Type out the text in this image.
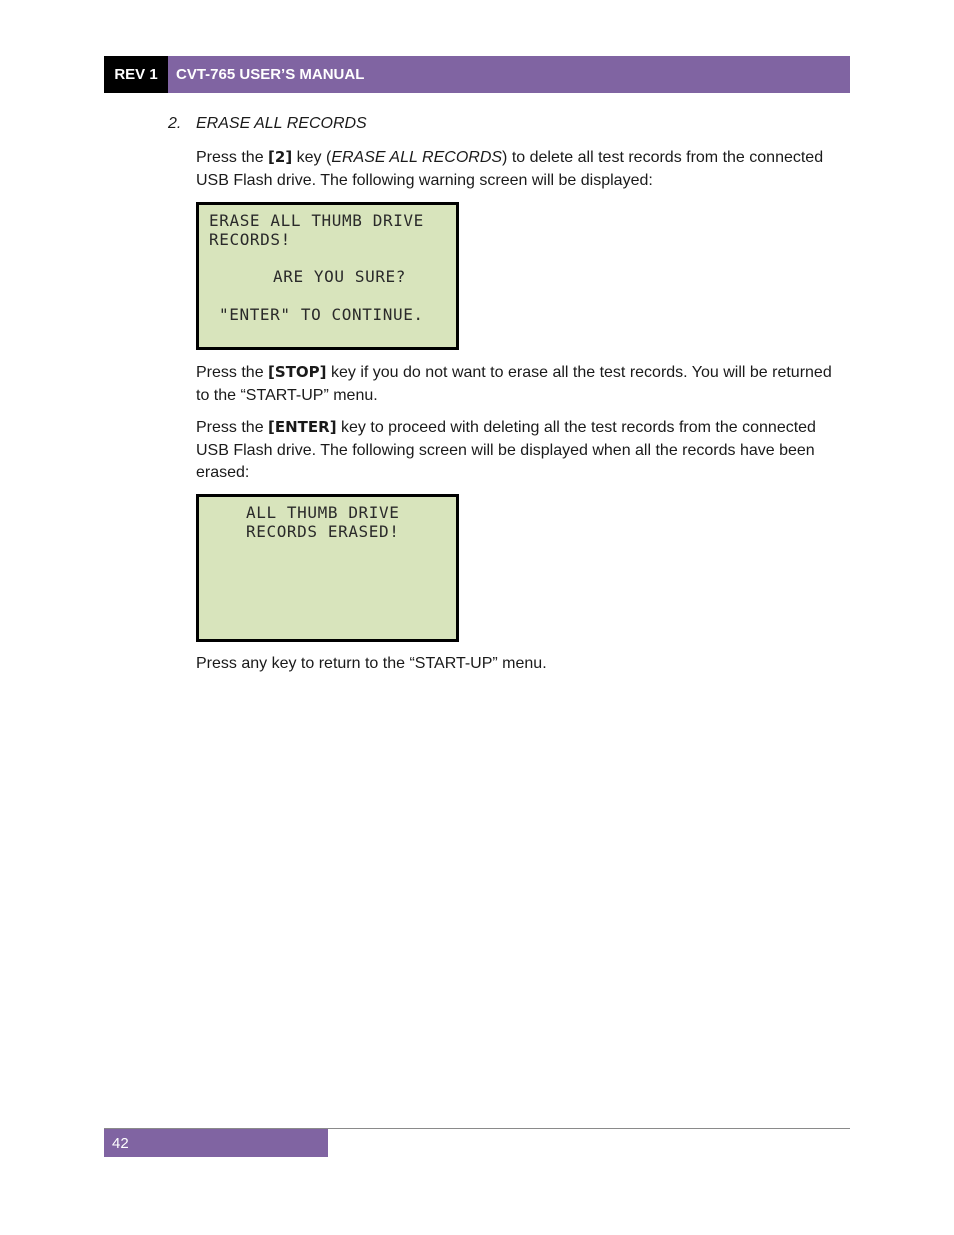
REV 1	CVT-765 USER’S MANUAL
2. ERASE ALL RECORDS
Press the [2] key (ERASE ALL RECORDS) to delete all test records from the connected USB Flash drive. The following warning screen will be displayed:
ERASE ALL THUMB DRIVE
RECORDS!
ARE YOU SURE?
"ENTER" TO CONTINUE.
Press the [STOP] key if you do not want to erase all the test records. You will be returned to the “START-UP” menu.
Press the [ENTER] key to proceed with deleting all the test records from the connected USB Flash drive. The following screen will be displayed when all the records have been erased:
ALL THUMB DRIVE
RECORDS ERASED!
Press any key to return to the “START-UP” menu.
42
